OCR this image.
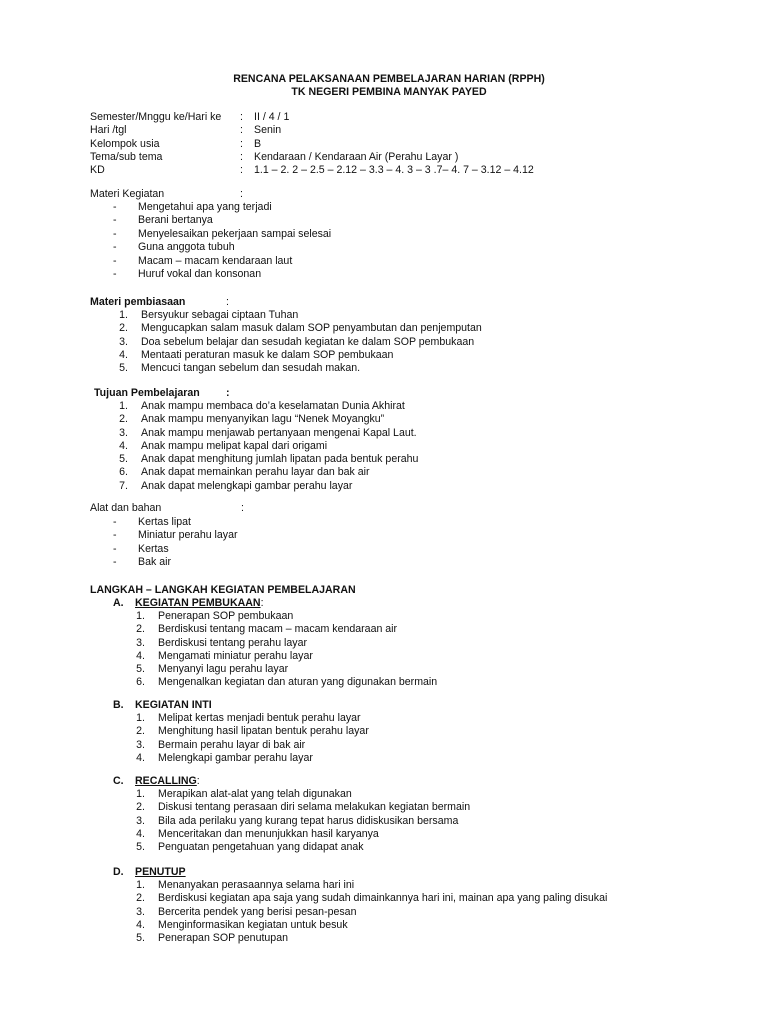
RENCANA PELAKSANAAN PEMBELAJARAN HARIAN (RPPH)
TK NEGERI PEMBINA MANYAK PAYED
Semester/Mnggu ke/Hari ke : II / 4 / 1
Hari /tgl	: Senin
Kelompok usia	: B
Tema/sub tema	: Kendaraan / Kendaraan Air (Perahu Layar )
KD	: 1.1 – 2. 2 – 2.5 – 2.12 – 3.3 – 4. 3 – 3 .7– 4. 7 – 3.12 – 4.12
Materi Kegiatan	:
- Mengetahui apa yang terjadi
- Berani bertanya
- Menyelesaikan pekerjaan sampai selesai
- Guna anggota tubuh
- Macam – macam kendaraan laut
- Huruf vokal dan konsonan
Materi pembiasaan	:
1. Bersyukur sebagai ciptaan Tuhan
2. Mengucapkan salam masuk dalam SOP penyambutan dan penjemputan
3. Doa sebelum belajar dan sesudah kegiatan ke dalam SOP pembukaan
4. Mentaati peraturan masuk ke dalam SOP pembukaan
5. Mencuci tangan sebelum dan sesudah makan.
Tujuan Pembelajaran :
1. Anak mampu membaca do’a keselamatan Dunia Akhirat
2. Anak mampu menyanyikan lagu “Nenek Moyangku”
3. Anak mampu menjawab pertanyaan mengenai Kapal Laut.
4. Anak mampu melipat kapal dari origami
5. Anak dapat menghitung jumlah lipatan pada bentuk perahu
6. Anak dapat memainkan perahu layar dan bak air
7. Anak dapat melengkapi gambar perahu layar
Alat dan bahan	:
- Kertas lipat
- Miniatur perahu layar
- Kertas
- Bak air
LANGKAH – LANGKAH KEGIATAN PEMBELAJARAN
A. KEGIATAN PEMBUKAAN:
1. Penerapan SOP pembukaan
2. Berdiskusi tentang macam – macam kendaraan air
3. Berdiskusi tentang perahu layar
4. Mengamati miniatur perahu layar
5. Menyanyi lagu perahu layar
6. Mengenalkan kegiatan dan aturan yang digunakan bermain
B. KEGIATAN INTI
1. Melipat kertas menjadi bentuk perahu layar
2. Menghitung hasil lipatan bentuk perahu layar
3. Bermain perahu layar di bak air
4. Melengkapi gambar perahu layar
C. RECALLING:
1. Merapikan alat-alat yang telah digunakan
2. Diskusi tentang perasaan diri selama melakukan kegiatan bermain
3. Bila ada perilaku yang kurang tepat harus didiskusikan bersama
4. Menceritakan dan menunjukkan hasil karyanya
5. Penguatan pengetahuan yang didapat anak
D. PENUTUP
1. Menanyakan perasaannya selama hari ini
2. Berdiskusi kegiatan apa saja yang sudah dimainkannya hari ini, mainan apa yang paling disukai
3. Bercerita pendek yang berisi pesan-pesan
4. Menginformasikan kegiatan untuk besuk
5. Penerapan SOP penutupan
